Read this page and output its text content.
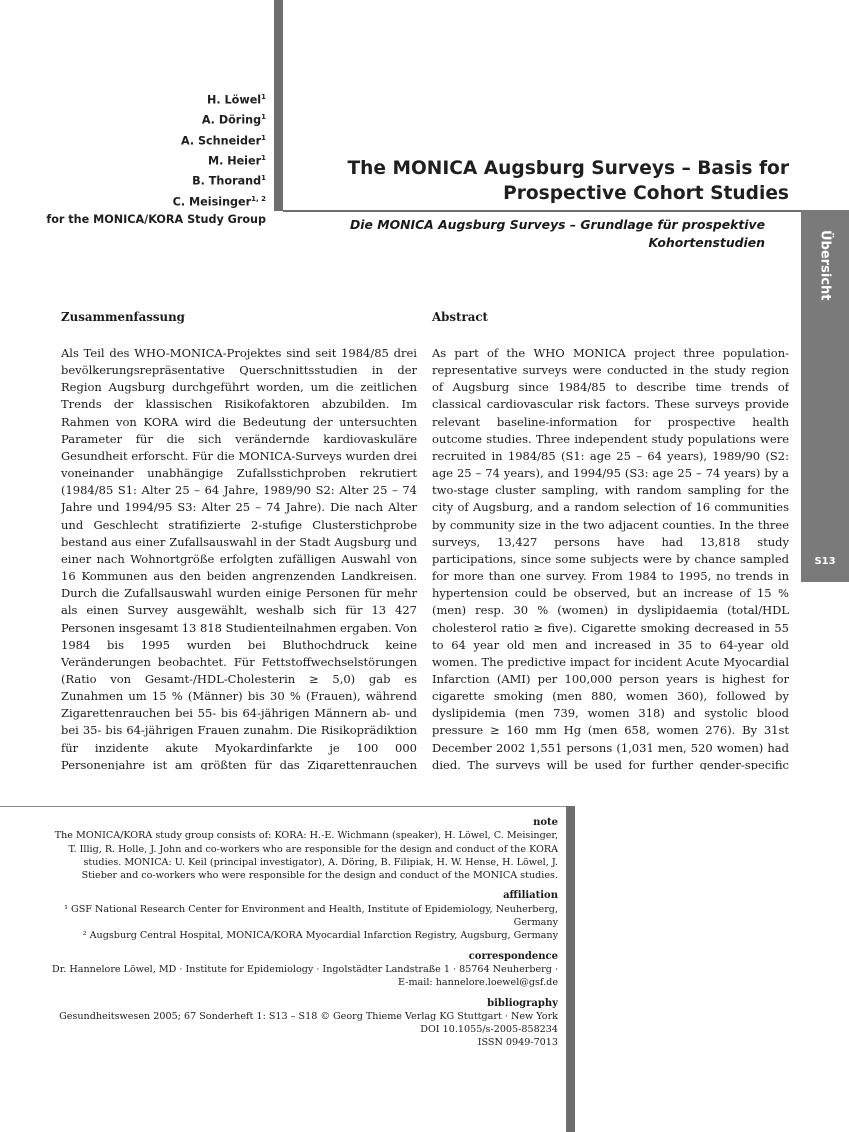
Übersicht
S13
H. Löwel$^1$
A. Döring$^1$
A. Schneider$^1$
M. Heier$^1$
B. Thorand$^1$
C. Meisinger$^{1, 2}$
for the MONICA/KORA Study Group
The MONICA Augsburg Surveys – Basis for Prospective Cohort Studies
Die MONICA Augsburg Surveys – Grundlage für prospektive Kohortenstudien
Zusammenfassung
Als Teil des WHO-MONICA-Projektes sind seit 1984/85 drei bevölkerungsrepräsentative Querschnittsstudien in der Region Augsburg durchgeführt worden, um die zeitlichen Trends der klassischen Risikofaktoren abzubilden. Im Rahmen von KORA wird die Bedeutung der untersuchten Parameter für die sich verändernde kardiovaskuläre Gesundheit erforscht. Für die MONICA-Surveys wurden drei voneinander unabhängige Zufallsstichproben rekrutiert (1984/85 S1: Alter 25 – 64 Jahre, 1989/90 S2: Alter 25 – 74 Jahre und 1994/95 S3: Alter 25 – 74 Jahre). Die nach Alter und Geschlecht stratifizierte 2-stufige Clusterstichprobe bestand aus einer Zufallsauswahl in der Stadt Augsburg und einer nach Wohnortgröße erfolgten zufälligen Auswahl von 16 Kommunen aus den beiden angrenzenden Landkreisen. Durch die Zufallsauswahl wurden einige Personen für mehr als einen Survey ausgewählt, weshalb sich für 13 427 Personen insgesamt 13 818 Studienteilnahmen ergaben. Von 1984 bis 1995 wurden bei Bluthochdruck keine Veränderungen beobachtet. Für Fettstoffwechselstörungen (Ratio von Gesamt-/HDL-Cholesterin ≥ 5,0) gab es Zunahmen um 15 % (Männer) bis 30 % (Frauen), während Zigarettenrauchen bei 55- bis 64-jährigen Männern ab- und bei 35- bis 64-jährigen Frauen zunahm. Die Risikoprädiktion für inzidente akute Myokardinfarkte je 100 000 Personenjahre ist am größten für das Zigarettenrauchen
Abstract
As part of the WHO MONICA project three population-representative surveys were conducted in the study region of Augsburg since 1984/85 to describe time trends of classical cardiovascular risk factors. These surveys provide relevant baseline-information for prospective health outcome studies. Three independent study populations were recruited in 1984/85 (S1: age 25 – 64 years), 1989/90 (S2: age 25 – 74 years), and 1994/95 (S3: age 25 – 74 years) by a two-stage cluster sampling, with random sampling for the city of Augsburg, and a random selection of 16 communities by community size in the two adjacent counties. In the three surveys, 13,427 persons have had 13,818 study participations, since some subjects were by chance sampled for more than one survey. From 1984 to 1995, no trends in hypertension could be observed, but an increase of 15 % (men) resp. 30 % (women) in dyslipidaemia (total/HDL cholesterol ratio ≥ five). Cigarette smoking decreased in 55 to 64 year old men and increased in 35 to 64-year old women. The predictive impact for incident Acute Myocardial Infarction (AMI) per 100,000 person years is highest for cigarette smoking (men 880, women 360), followed by dyslipidemia (men 739, women 318) and systolic blood pressure ≥ 160 mm Hg (men 658, women 276). By 31st December 2002 1,551 persons (1,031 men, 520 women) had died. The surveys will be used for further gender-specific
note
The MONICA/KORA study group consists of: KORA: H.-E. Wichmann (speaker), H. Löwel, C. Meisinger, T. Illig, R. Holle, J. John and co-workers who are responsible for the design and conduct of the KORA studies. MONICA: U. Keil (principal investigator), A. Döring, B. Filipiak, H. W. Hense, H. Löwel, J. Stieber and co-workers who were responsible for the design and conduct of the MONICA studies.
affiliation
¹ GSF National Research Center for Environment and Health, Institute of Epidemiology, Neuherberg, Germany
² Augsburg Central Hospital, MONICA/KORA Myocardial Infarction Registry, Augsburg, Germany
correspondence
Dr. Hannelore Löwel, MD · Institute for Epidemiology · Ingolstädter Landstraße 1 · 85764 Neuherberg ·
E-mail: hannelore.loewel@gsf.de
bibliography
Gesundheitswesen 2005; 67 Sonderheft 1: S13 – S18 © Georg Thieme Verlag KG Stuttgart · New York
DOI 10.1055/s-2005-858234
ISSN 0949-7013
